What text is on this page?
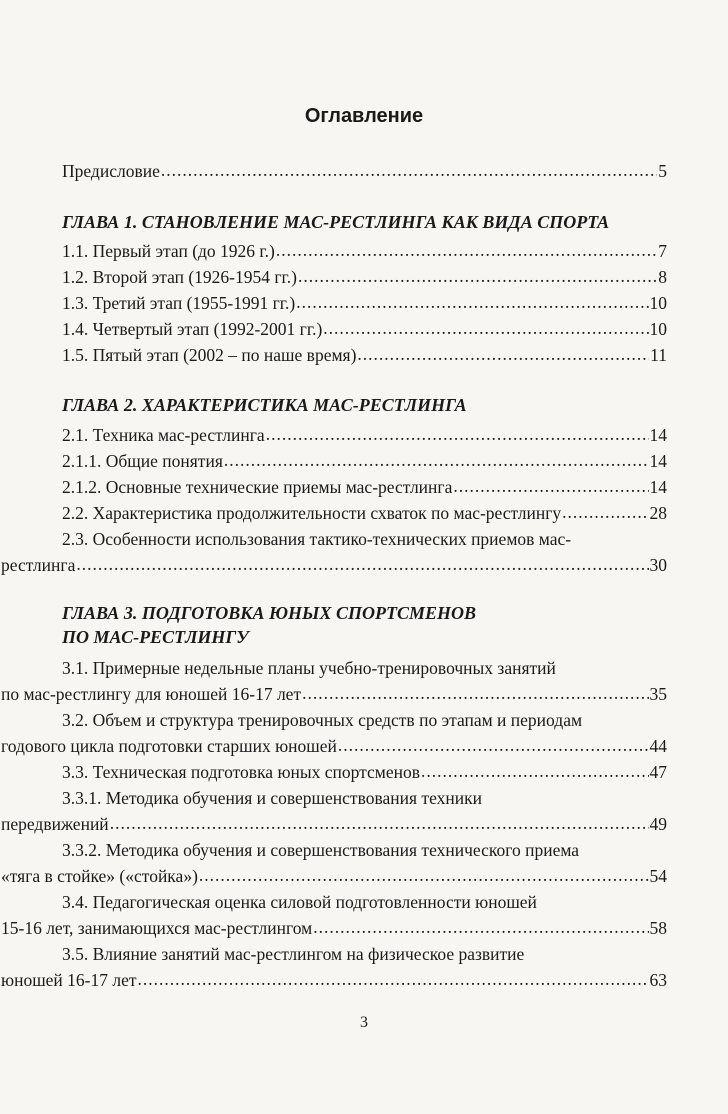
Оглавление
Предисловие .....	5
ГЛАВА 1. СТАНОВЛЕНИЕ МАС-РЕСТЛИНГА КАК ВИДА СПОРТА
1.1. Первый этап (до 1926 г.) .....	7
1.2. Второй этап (1926-1954 гг.) .....	8
1.3. Третий этап (1955-1991 гг.) .....	10
1.4. Четвертый этап (1992-2001 гг.) .....	10
1.5. Пятый этап (2002 – по наше время) .....	11
ГЛАВА 2. ХАРАКТЕРИСТИКА МАС-РЕСТЛИНГА
2.1. Техника мас-рестлинга .....	14
2.1.1. Общие понятия .....	14
2.1.2. Основные технические приемы мас-рестлинга .....	14
2.2. Характеристика продолжительности схваток по мас-рестлингу .....	28
2.3. Особенности использования тактико-технических приемов мас-
рестлинга .....	30
ГЛАВА 3. ПОДГОТОВКА ЮНЫХ СПОРТСМЕНОВ
ПО МАС-РЕСТЛИНГУ
3.1. Примерные недельные планы учебно-тренировочных занятий
по мас-рестлингу для юношей 16-17 лет .....	35
3.2. Объем и структура тренировочных средств по этапам и периодам
годового цикла подготовки старших юношей .....	44
3.3. Техническая подготовка юных спортсменов .....	47
3.3.1. Методика обучения и совершенствования техники
передвижений .....	49
3.3.2. Методика обучения и совершенствования технического приема
«тяга в стойке» («стойка») .....	54
3.4. Педагогическая оценка силовой подготовленности юношей
15-16 лет, занимающихся мас-рестлингом .....	58
3.5. Влияние занятий мас-рестлингом на физическое развитие
юношей 16-17 лет .....	63
3
